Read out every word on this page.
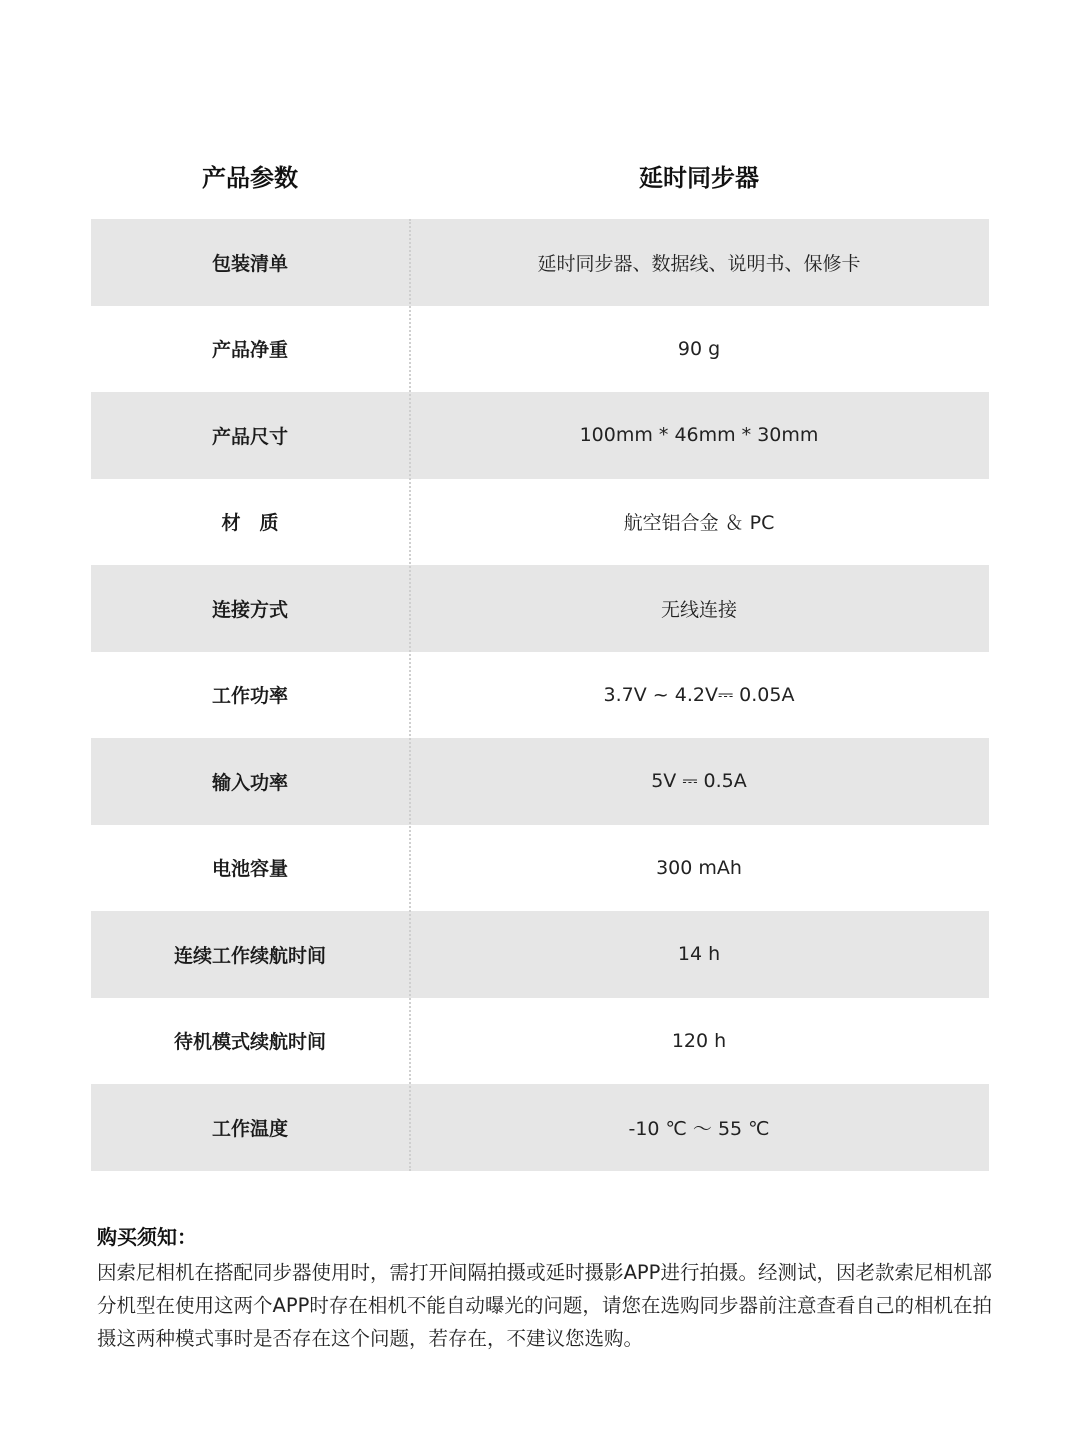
产品参数	延时同步器
包装清单	延时同步器、数据线、说明书、保修卡
产品净重	90 g
产品尺寸	100mm * 46mm * 30mm
材　质	航空铝合金 ＆ PC
连接方式	无线连接
工作功率	3.7V ~ 4.2V⎓ 0.05A
输入功率	5V ⎓ 0.5A
电池容量	300 mAh
连续工作续航时间	14 h
待机模式续航时间	120 h
工作温度	-10 ℃ ～ 55 ℃
购买须知：
因索尼相机在搭配同步器使用时，需打开间隔拍摄或延时摄影APP进行拍摄。经测试，因老款索尼相机部分机型在使用这两个APP时存在相机不能自动曝光的问题，请您在选购同步器前注意查看自己的相机在拍摄这两种模式事时是否存在这个问题，若存在，不建议您选购。
